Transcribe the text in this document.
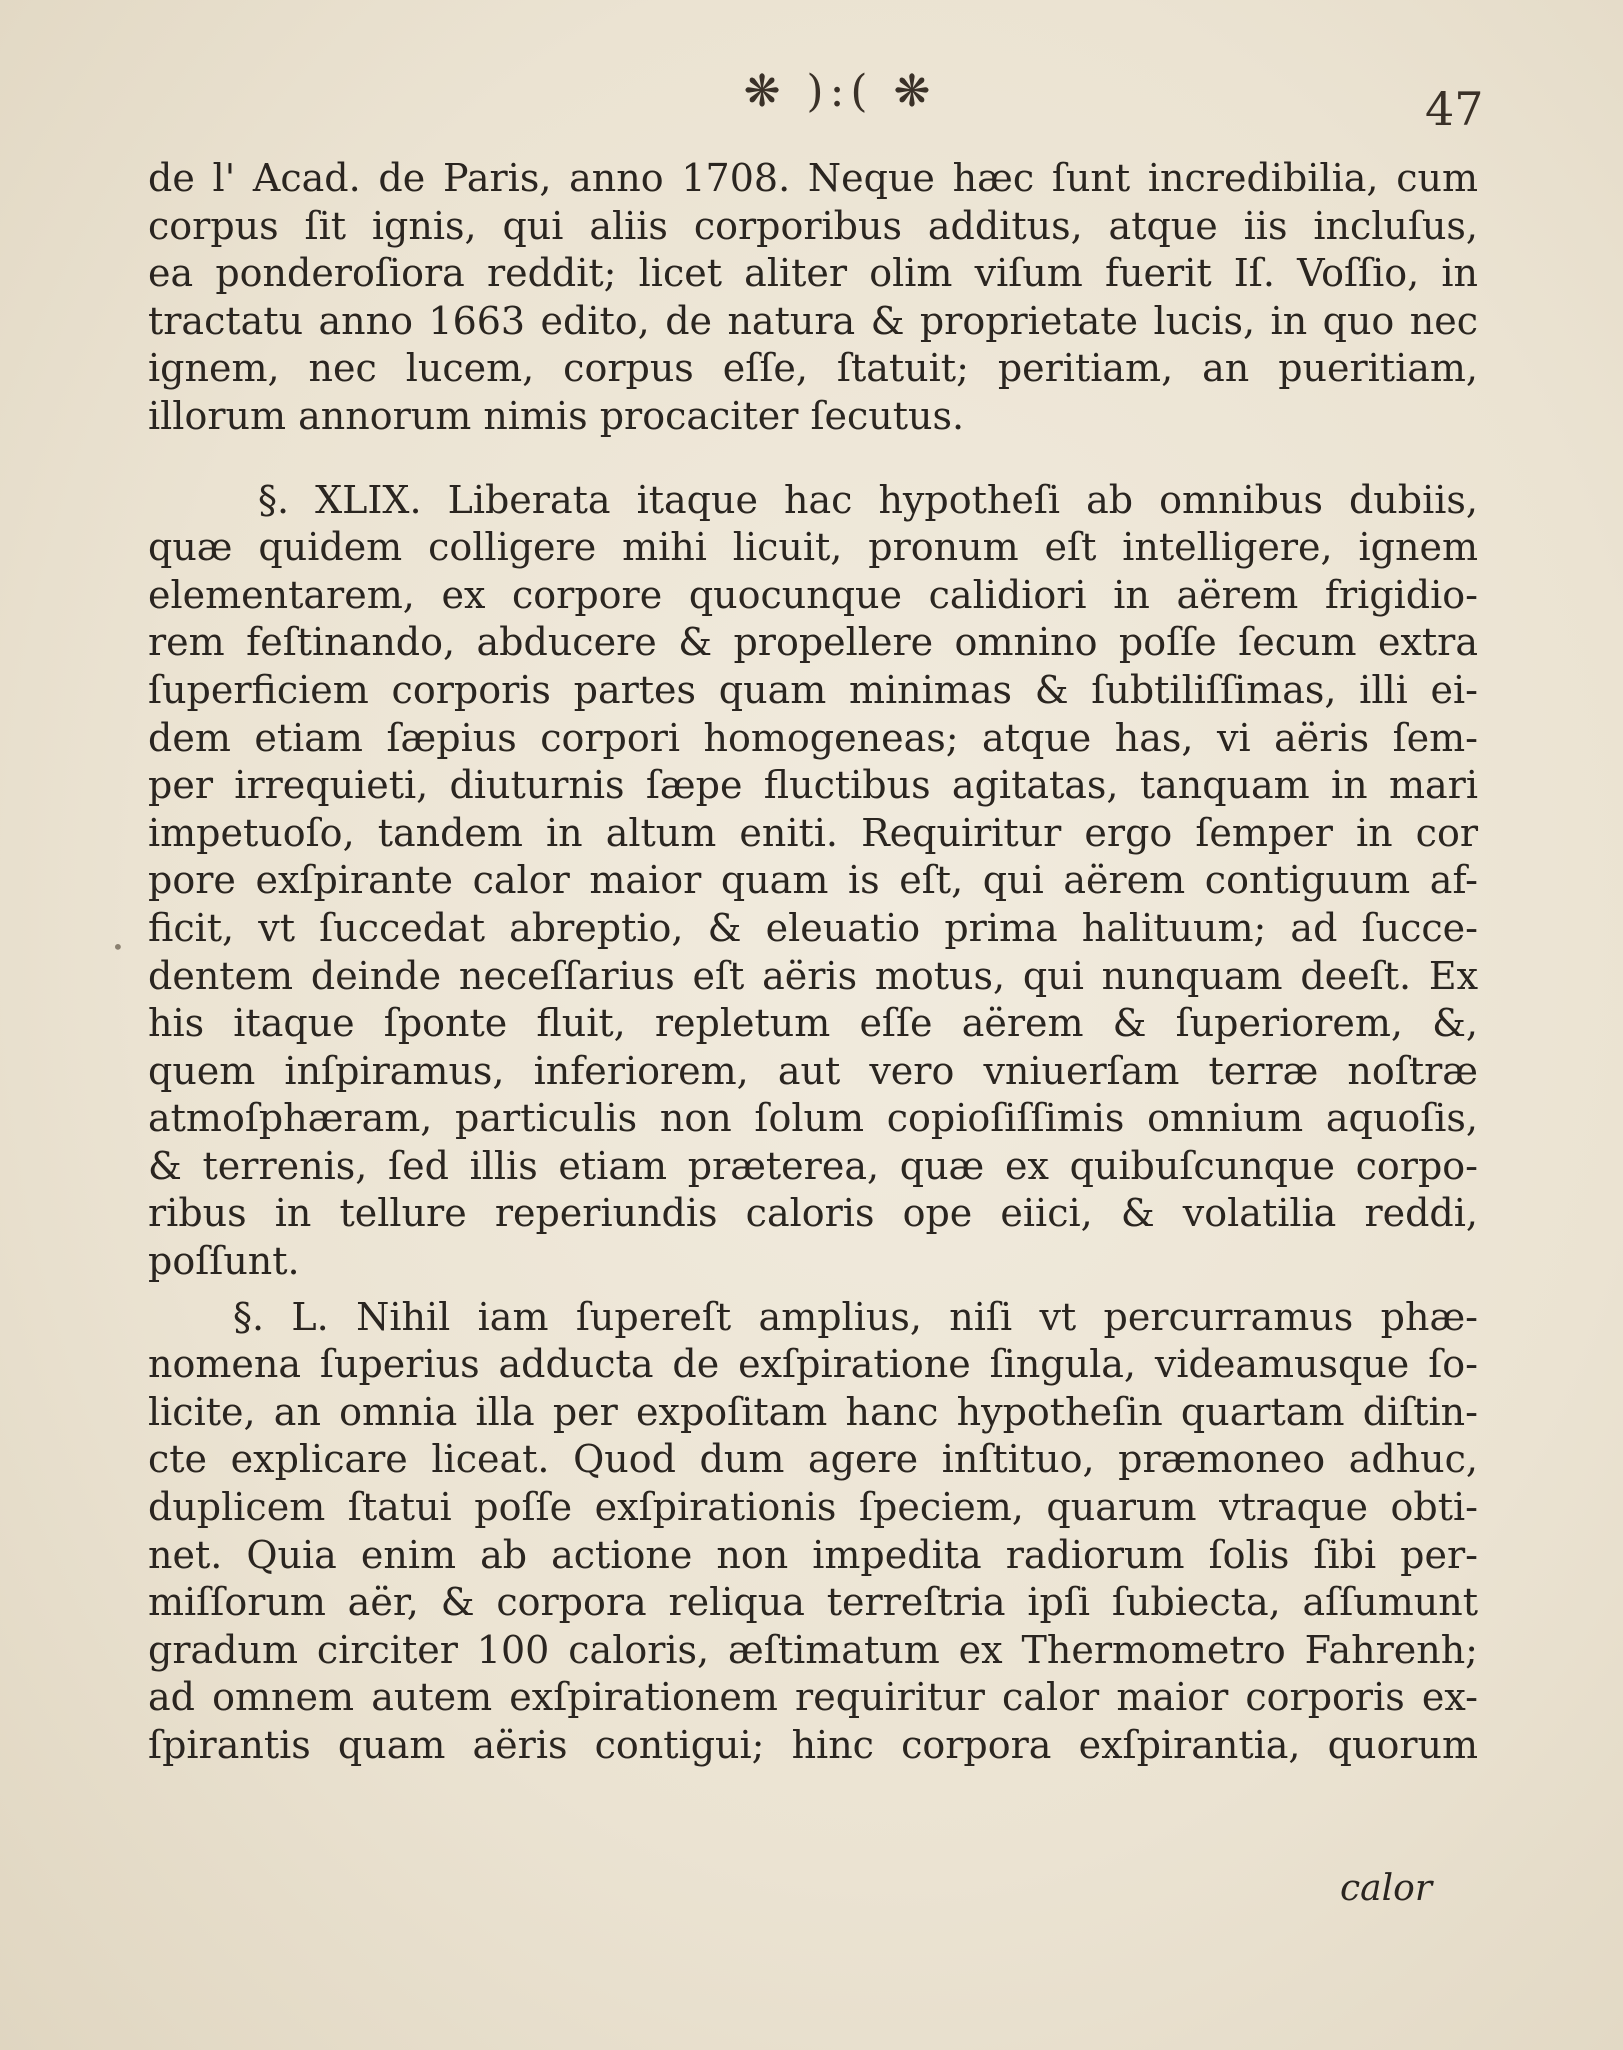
❋ ):( ❋	47
de l' Acad. de Paris, anno 1708. Neque hæc ſunt incredibilia, cum
corpus ſit ignis, qui aliis corporibus additus, atque iis incluſus,
ea ponderoſiora reddit; licet aliter olim viſum fuerit Iſ. Voſſio, in
tractatu anno 1663 edito, de natura & proprietate lucis, in quo nec
ignem, nec lucem, corpus eſſe, ſtatuit; peritiam, an pueritiam,
illorum annorum nimis procaciter ſecutus.
§. XLIX. Liberata itaque hac hypotheſi ab omnibus dubiis,
quæ quidem colligere mihi licuit, pronum eſt intelligere, ignem
elementarem, ex corpore quocunque calidiori in aërem frigidio-
rem feſtinando, abducere & propellere omnino poſſe ſecum extra
ſuperficiem corporis partes quam minimas & ſubtiliſſimas, illi ei-
dem etiam ſæpius corpori homogeneas; atque has, vi aëris ſem-
per irrequieti, diuturnis ſæpe fluctibus agitatas, tanquam in mari
impetuoſo, tandem in altum eniti. Requiritur ergo ſemper in cor
pore exſpirante calor maior quam is eſt, qui aërem contiguum af-
ficit, vt ſuccedat abreptio, & eleuatio prima halituum; ad ſucce-
dentem deinde neceſſarius eſt aëris motus, qui nunquam deeſt. Ex
his itaque ſponte fluit, repletum eſſe aërem & ſuperiorem, &,
quem inſpiramus, inferiorem, aut vero vniuerſam terræ noſtræ
atmoſphæram, particulis non ſolum copioſiſſimis omnium aquoſis,
& terrenis, ſed illis etiam præterea, quæ ex quibuſcunque corpo-
ribus in tellure reperiundis caloris ope eiici, & volatilia reddi,
poſſunt.
§. L. Nihil iam ſupereſt amplius, niſi vt percurramus phæ-
nomena ſuperius adducta de exſpiratione ſingula, videamusque ſo-
licite, an omnia illa per expoſitam hanc hypotheſin quartam diſtin-
cte explicare liceat. Quod dum agere inſtituo, præmoneo adhuc,
duplicem ſtatui poſſe exſpirationis ſpeciem, quarum vtraque obti-
net. Quia enim ab actione non impedita radiorum ſolis ſibi per-
miſſorum aër, & corpora reliqua terreſtria ipſi ſubiecta, aſſumunt
gradum circiter 100 caloris, æſtimatum ex Thermometro Fahrenh;
ad omnem autem exſpirationem requiritur calor maior corporis ex-
ſpirantis quam aëris contigui; hinc corpora exſpirantia, quorum
calor
•
